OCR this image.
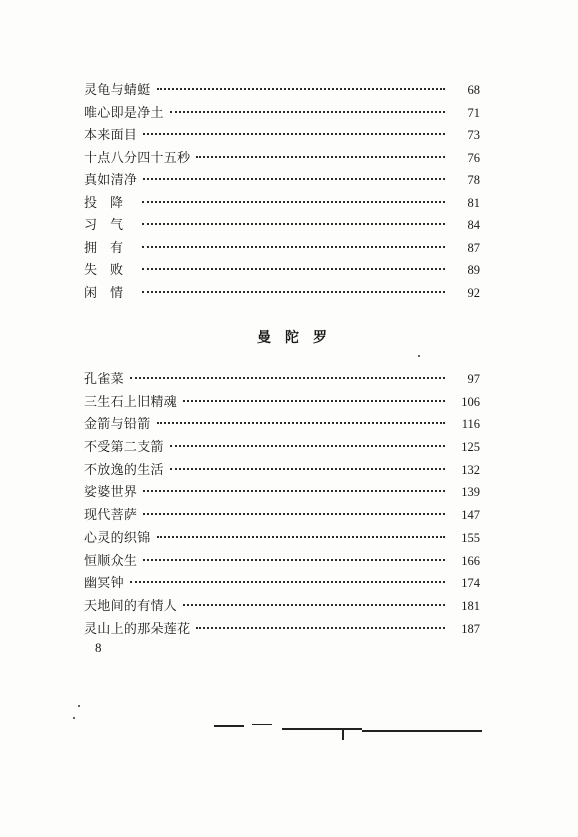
灵龟与蜻蜓	68
唯心即是净土	71
本来面目	73
十点八分四十五秒	76
真如清净	78
投降	81
习气	84
拥有	87
失败	89
闲情	92
曼陀罗
孔雀菜	97
三生石上旧精魂	106
金箭与铅箭	116
不受第二支箭	125
不放逸的生活	132
娑婆世界	139
现代菩萨	147
心灵的织锦	155
恒顺众生	166
幽冥钟	174
天地间的有情人	181
灵山上的那朵莲花	187
8
